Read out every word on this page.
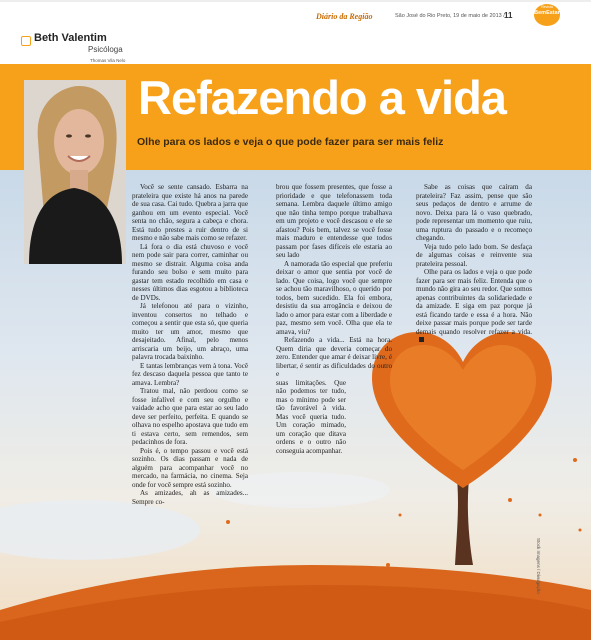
Beth Valentim
Psicóloga
Thomas Vila Nelo
Diário da Região	São José do Rio Preto, 19 de maio de 2013 / 11
Revista
BemEstar
Refazendo a vida
Olhe para os lados e veja o que pode fazer para ser mais feliz

Você se sente cansado. Esbarra na prateleira que existe há anos na parede de sua casa. Cai tudo. Quebra a jarra que ganhou em um evento especial. Você senta no chão, segura a cabeça e chora. Está tudo prestes a ruir dentro de si mesmo e não sabe mais como se refazer.

Lá fora o dia está chuvoso e você nem pode sair para correr, caminhar ou mesmo se distrair. Alguma coisa anda furando seu bolso e sem muito para gastar tem estado recolhido em casa e nesses últimos dias esgotou a biblioteca de DVDs.

Já telefonou até para o vizinho, inventou consertos no telhado e começou a sentir que esta só, que queria muito ter um amor, mesmo que desajeitado. Afinal, pelo menos arriscaria um beijo, um abraço, uma palavra trocada baixinho.

E tantas lembranças vem à tona. Você fez descaso daquela pessoa que tanto te amava. Lembra?

Tratou mal, não perdoou como se fosse infalível e com seu orgulho e vaidade acho que para estar ao seu lado deve ser perfeito, perfeita. E quando se olhava no espelho apostava que tudo em ti estava certo, sem remendos, sem pedacinhos de fora.

Pois é, o tempo passou e você está sozinho. Os dias passam e nada de alguém para acompanhar você no mercado, na farmácia, no cinema. Seja onde for você sempre está sozinho.

As amizades, ah as amizades... Sempre co-

brou que fossem presentes, que fosse a prioridade e que telefonassem toda semana. Lembra daquele último amigo que não tinha tempo porque trabalhava em um projeto e você descasou e ele se afastou? Pois bem, talvez se você fosse mais maduro e entendesse que todos passam por fases difíceis ele estaria ao seu lado

A namorada tão especial que preferiu deixar o amor que sentia por você de lado. Que coisa, logo você que sempre se achou tão maravilhoso, o querido por todos, bem sucedido. Ela foi embora, desistiu da sua arrogância e deixou de lado o amor para estar com a liberdade e paz, mesmo sem você. Olha que ela te amava, viu?

Refazendo a vida... Está na hora. Quem diria que deveria começar do zero. Entender que amar é deixar livre, é libertar, é sentir as dificuldades do outro e

suas limitações. Que não podemos ter tudo, mas o mínimo pode ser tão favorável à vida. Mas você queria tudo. Um coração mimado, um coração que ditava ordens e o outro não conseguia acompanhar.

Sabe as coisas que caíram da prateleira? Faz assim, pense que são seus pedaços de dentro e arrume de novo. Deixa para lá o vaso quebrado, pode representar um momento que ruiu, uma ruptura do passado e o recomeço chegando.

Veja tudo pelo lado bom. Se desfaça de algumas coisas e reinvente sua prateleira pessoal.

Olhe para os lados e veja o que pode fazer para ser mais feliz. Entenda que o mundo não gira ao seu redor. Que somos apenas contribuintes da solidariedade e da amizade. E siga em paz porque já está ficando tarde e essa é a hora. Não deixe passar mais porque pode ser tarde demais quando resolver refazer a vida.

Stock Imagens / Divulgação
